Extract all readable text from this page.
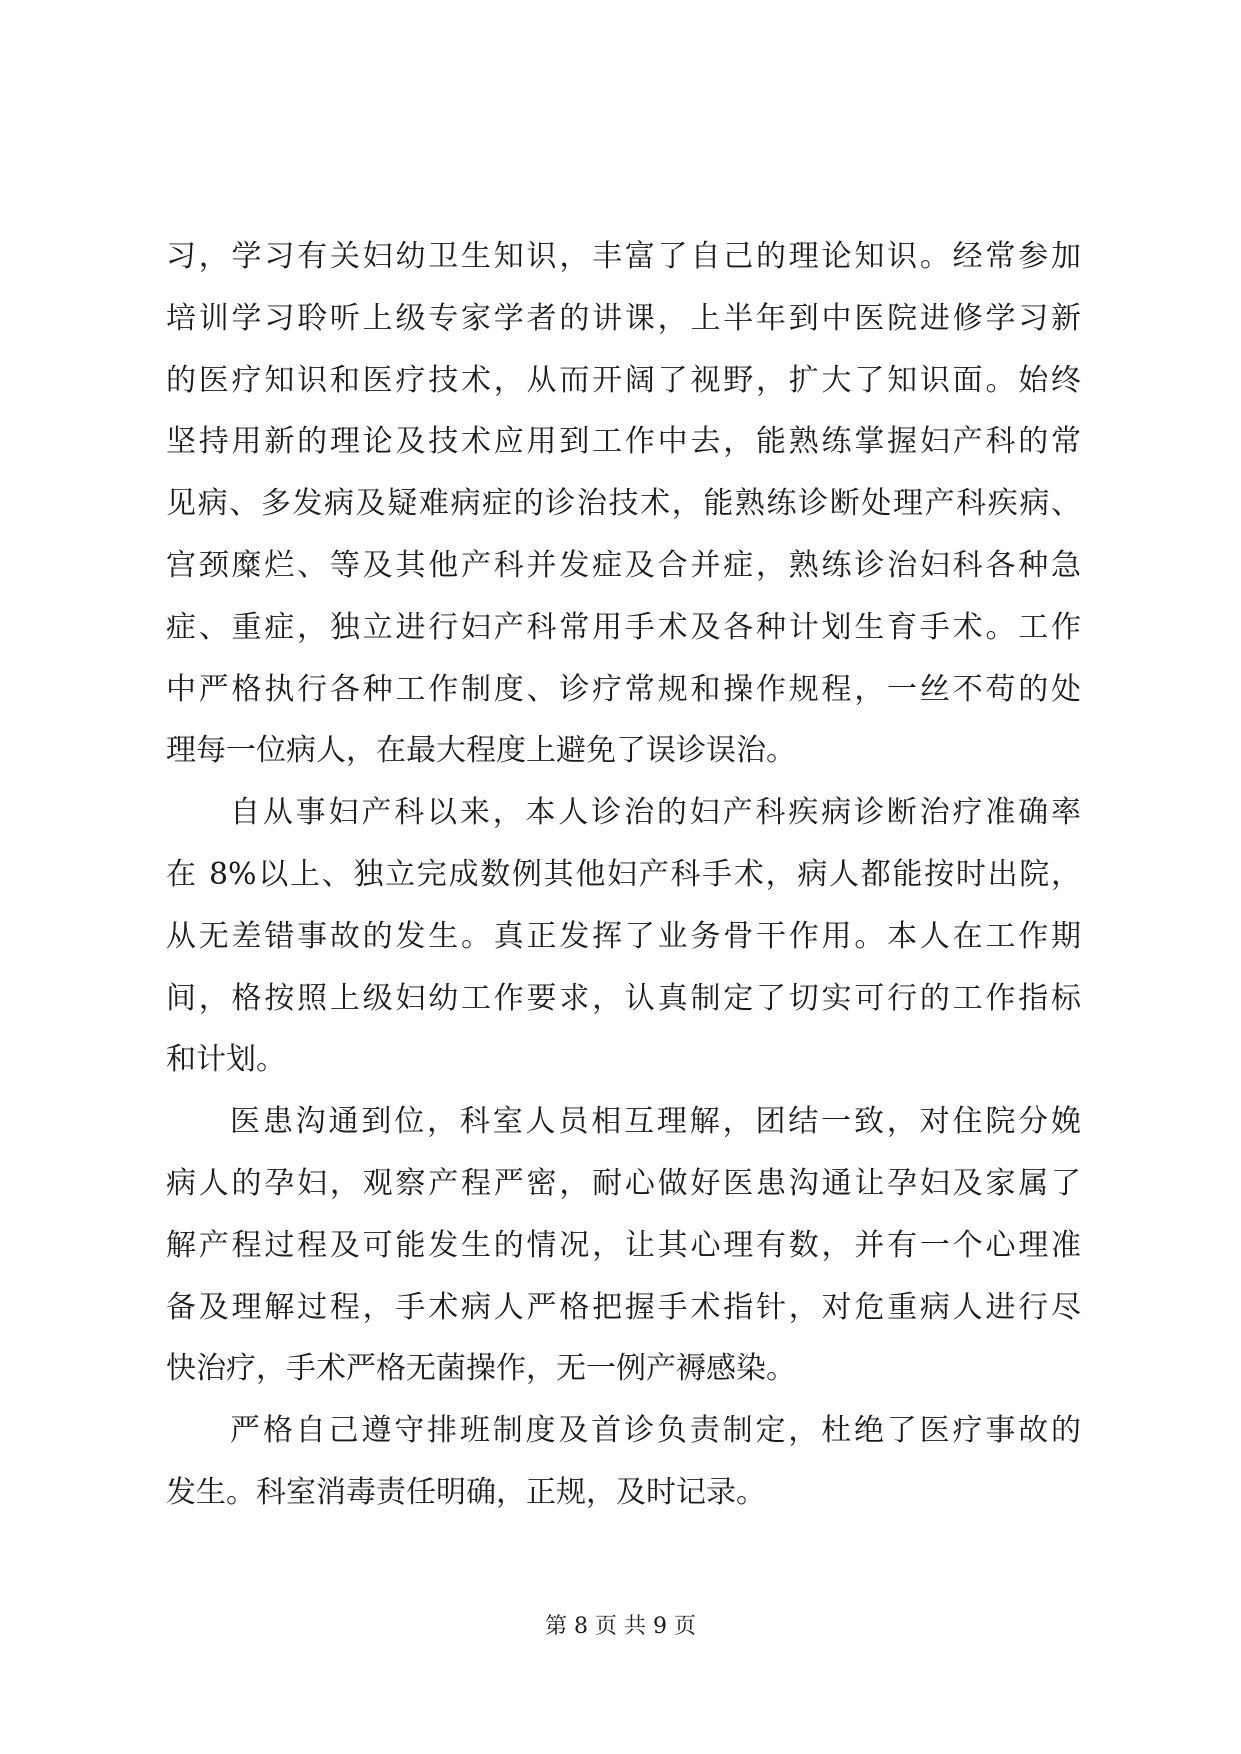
习，学习有关妇幼卫生知识，丰富了自己的理论知识。经常参加
培训学习聆听上级专家学者的讲课，上半年到中医院进修学习新
的医疗知识和医疗技术，从而开阔了视野，扩大了知识面。始终
坚持用新的理论及技术应用到工作中去，能熟练掌握妇产科的常
见病、多发病及疑难病症的诊治技术，能熟练诊断处理产科疾病、
宫颈糜烂、等及其他产科并发症及合并症，熟练诊治妇科各种急
症、重症，独立进行妇产科常用手术及各种计划生育手术。工作
中严格执行各种工作制度、诊疗常规和操作规程，一丝不苟的处
理每一位病人，在最大程度上避免了误诊误治。
自从事妇产科以来，本人诊治的妇产科疾病诊断治疗准确率
在 8%以上、独立完成数例其他妇产科手术，病人都能按时出院，
从无差错事故的发生。真正发挥了业务骨干作用。本人在工作期
间，格按照上级妇幼工作要求，认真制定了切实可行的工作指标
和计划。
医患沟通到位，科室人员相互理解，团结一致，对住院分娩
病人的孕妇，观察产程严密，耐心做好医患沟通让孕妇及家属了
解产程过程及可能发生的情况，让其心理有数，并有一个心理准
备及理解过程，手术病人严格把握手术指针，对危重病人进行尽
快治疗，手术严格无菌操作，无一例产褥感染。
严格自己遵守排班制度及首诊负责制定，杜绝了医疗事故的
发生。科室消毒责任明确，正规，及时记录。
第 8 页 共 9 页
